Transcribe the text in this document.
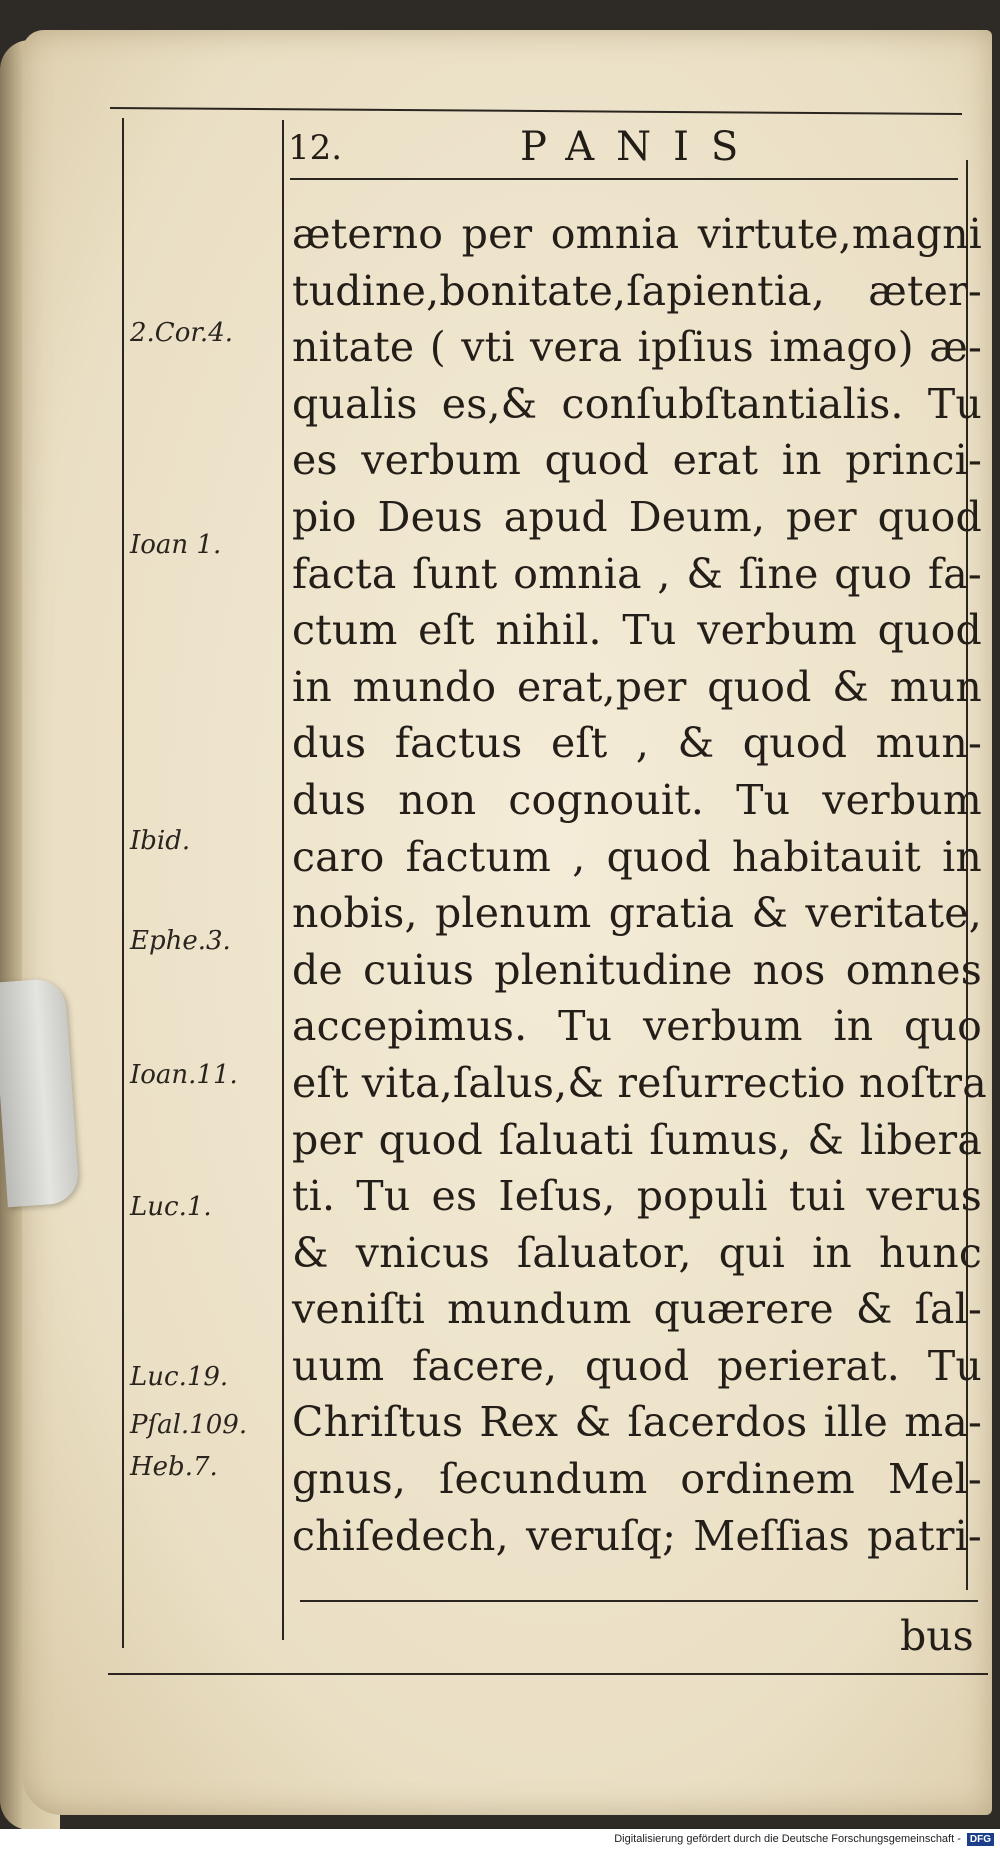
12.	PANIS
æterno per omnia virtute,magni
tudine,bonitate,ſapientia, æter-
nitate ( vti vera ipſius imago) æ-
qualis es,& conſubſtantialis. Tu
es verbum quod erat in princi-
pio Deus apud Deum, per quod
facta ſunt omnia , & ſine quo fa-
ctum eſt nihil. Tu verbum quod
in mundo erat,per quod & mun
dus factus eſt , & quod mun-
dus non cognouit. Tu verbum
caro factum , quod habitauit in
nobis, plenum gratia & veritate,
de cuius plenitudine nos omnes
accepimus. Tu verbum in quo
eſt vita,ſalus,& reſurrectio noſtra
per quod ſaluati ſumus, & libera
ti. Tu es Ieſus, populi tui verus
& vnicus ſaluator, qui in hunc
veniſti mundum quærere & ſal-
uum facere, quod perierat. Tu
Chriſtus Rex & ſacerdos ille ma-
gnus, ſecundum ordinem Mel-
chiſedech, veruſq; Meſſias patri-
2.Cor.4.
Ioan 1.
Ibid.
Ephe.3.
Ioan.11.
Luc.1.
Luc.19.
Pſal.109.
Heb.7.
bus
Digitalisierung gefördert durch die Deutsche Forschungsgemeinschaft - DFG
